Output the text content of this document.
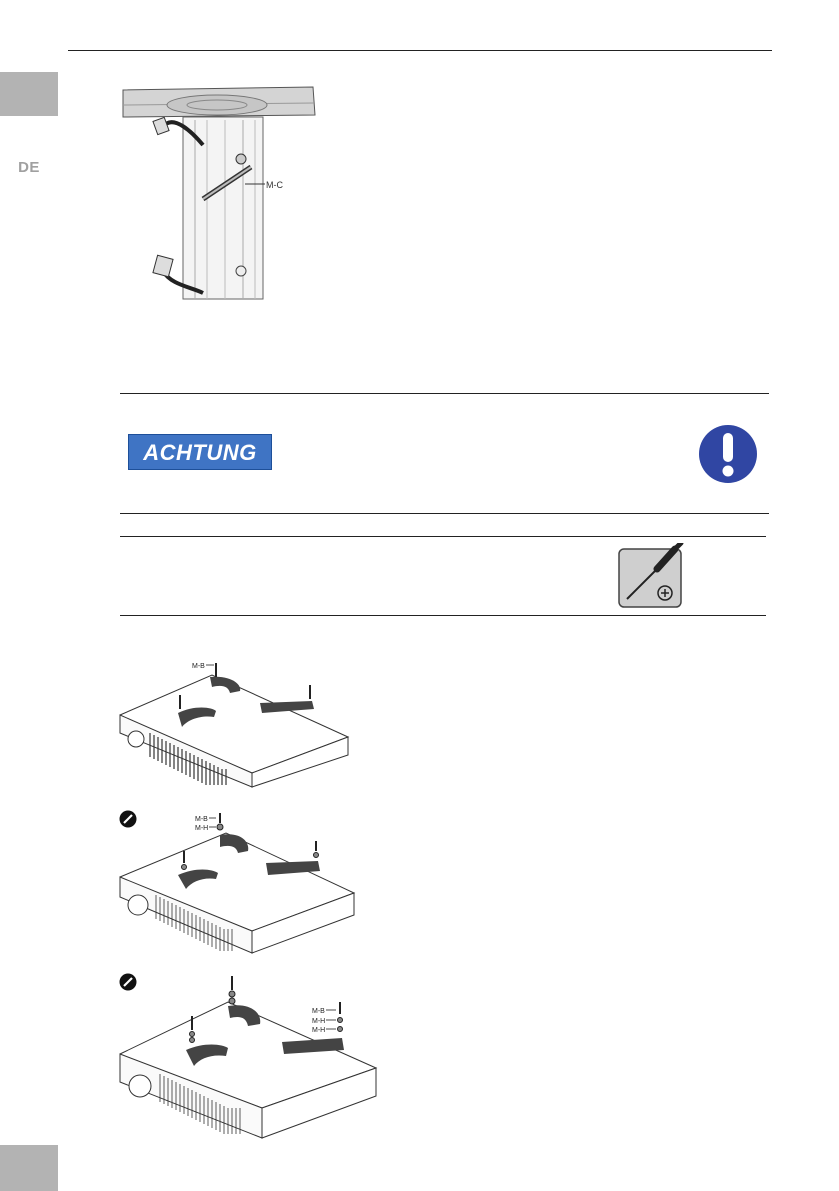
DE
M-C
ACHTUNG
M-B
M-B
M-H
M-B
M-H
M-H
